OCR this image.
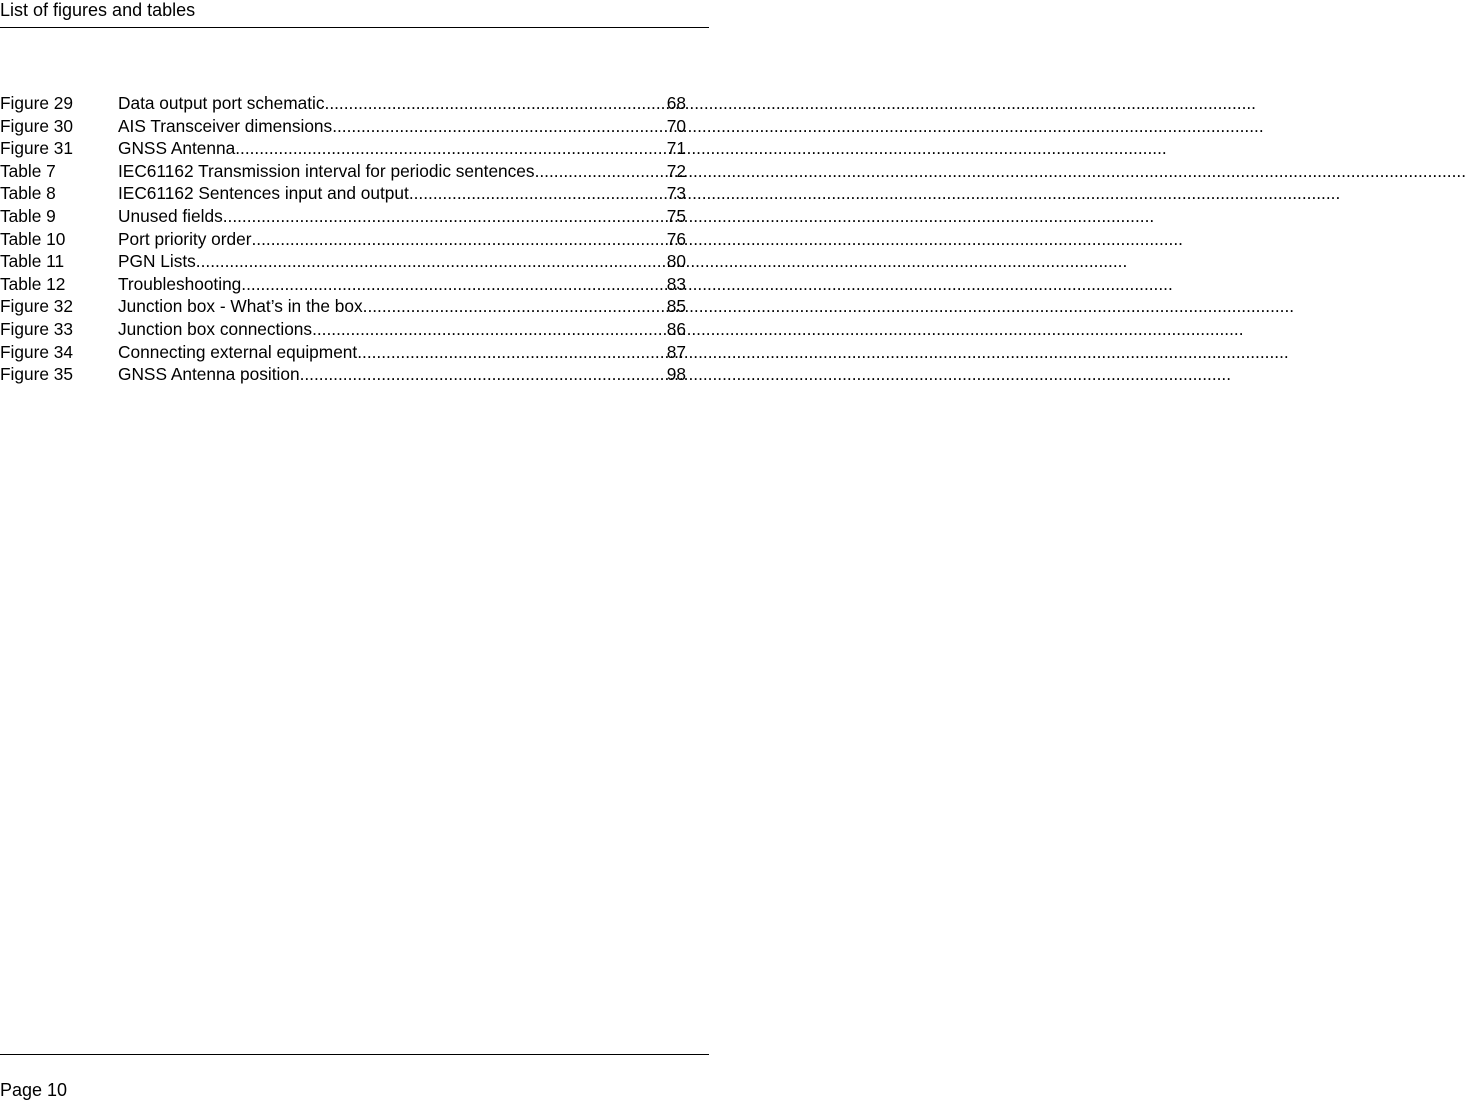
List of figures and tables
Figure 29	Data output port schematic .....	68
Figure 30	AIS Transceiver dimensions .....	70
Figure 31	GNSS Antenna .....	71
Table 7	IEC61162 Transmission interval for periodic sentences .....	72
Table 8	IEC61162 Sentences input and output .....	73
Table 9	Unused fields .....	75
Table 10	Port priority order .....	76
Table 11	PGN Lists .....	80
Table 12	Troubleshooting .....	83
Figure 32	Junction box - What’s in the box .....	85
Figure 33	Junction box connections .....	86
Figure 34	Connecting external equipment .....	87
Figure 35	GNSS Antenna position .....	98
Page 10
